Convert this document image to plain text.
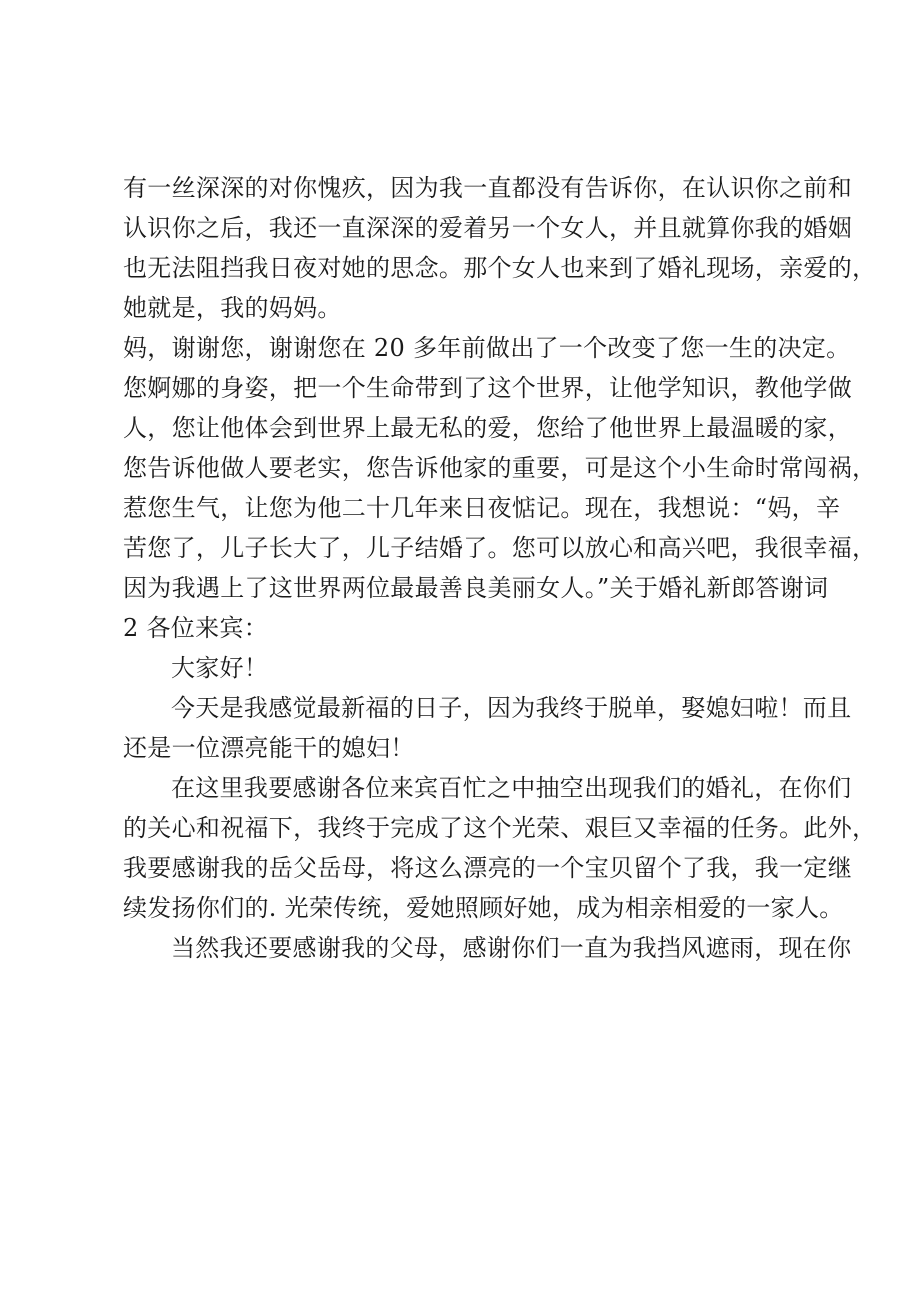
有一丝深深的对你愧疚，因为我一直都没有告诉你，在认识你之前和
认识你之后，我还一直深深的爱着另一个女人，并且就算你我的婚姻
也无法阻挡我日夜对她的思念。那个女人也来到了婚礼现场，亲爱的，
她就是，我的妈妈。
妈，谢谢您，谢谢您在 20 多年前做出了一个改变了您一生的决定。
您婀娜的身姿，把一个生命带到了这个世界，让他学知识，教他学做
人，您让他体会到世界上最无私的爱，您给了他世界上最温暖的家，
您告诉他做人要老实，您告诉他家的重要，可是这个小生命时常闯祸，
惹您生气，让您为他二十几年来日夜惦记。现在，我想说：“妈，辛
苦您了，儿子长大了，儿子结婚了。您可以放心和高兴吧，我很幸福，
因为我遇上了这世界两位最最善良美丽女人。”关于婚礼新郎答谢词
2 各位来宾：
大家好！
今天是我感觉最新福的日子，因为我终于脱单，娶媳妇啦！而且
还是一位漂亮能干的媳妇！
在这里我要感谢各位来宾百忙之中抽空出现我们的婚礼，在你们
的关心和祝福下，我终于完成了这个光荣、艰巨又幸福的任务。此外，
我要感谢我的岳父岳母，将这么漂亮的一个宝贝留个了我，我一定继
续发扬你们的. 光荣传统，爱她照顾好她，成为相亲相爱的一家人。
当然我还要感谢我的父母，感谢你们一直为我挡风遮雨，现在你
